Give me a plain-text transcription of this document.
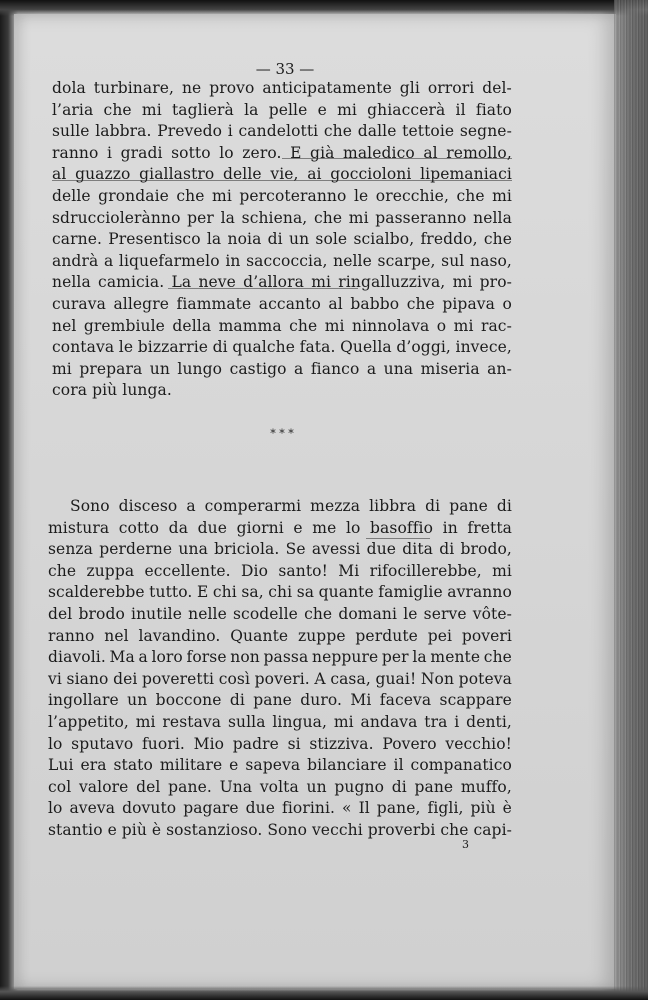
— 33 —
dola turbinare, ne provo anticipatamente gli orrori del-
l’aria che mi taglierà la pelle e mi ghiaccerà il fiato
sulle labbra. Prevedo i candelotti che dalle tettoie segne-
ranno i gradi sotto lo zero. E già maledico al remollo,
al guazzo giallastro delle vie, ai goccioloni lipemaniaci
delle grondaie che mi percoteranno le orecchie, che mi
sdrucciolerànno per la schiena, che mi passeranno nella
carne. Presentisco la noia di un sole scialbo, freddo, che
andrà a liquefarmelo in saccoccia, nelle scarpe, sul naso,
nella camicia. La neve d’allora mi ringalluzziva, mi pro-
curava allegre fiammate accanto al babbo che pipava o
nel grembiule della mamma che mi ninnolava o mi rac-
contava le bizzarrie di qualche fata. Quella d’oggi, invece,
mi prepara un lungo castigo a fianco a una miseria an-
cora più lunga.
* * *
Sono disceso a comperarmi mezza libbra di pane di
mistura cotto da due giorni e me lo basoffio in fretta
senza perderne una briciola. Se avessi due dita di brodo,
che zuppa eccellente. Dio santo! Mi rifocillerebbe, mi
scalderebbe tutto. E chi sa, chi sa quante famiglie avranno
del brodo inutile nelle scodelle che domani le serve vôte-
ranno nel lavandino. Quante zuppe perdute pei poveri
diavoli. Ma a loro forse non passa neppure per la mente che
vi siano dei poveretti così poveri. A casa, guai! Non poteva
ingollare un boccone di pane duro. Mi faceva scappare
l’appetito, mi restava sulla lingua, mi andava tra i denti,
lo sputavo fuori. Mio padre si stizziva. Povero vecchio!
Lui era stato militare e sapeva bilanciare il companatico
col valore del pane. Una volta un pugno di pane muffo,
lo aveva dovuto pagare due fiorini. « Il pane, figli, più è
stantio e più è sostanzioso. Sono vecchi proverbi che capi-
3
